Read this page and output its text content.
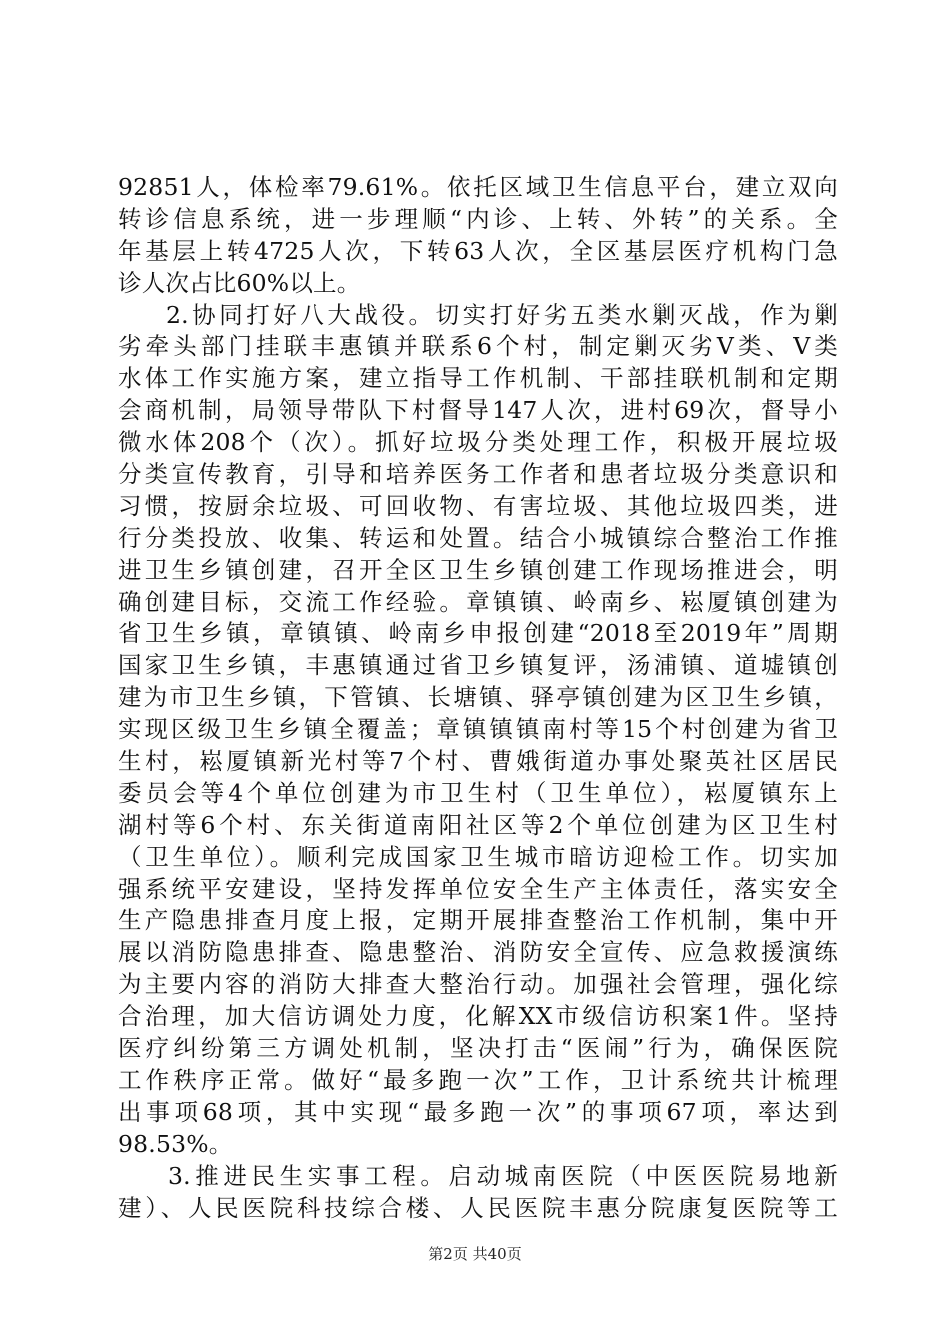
92851人，体检率79.61%。依托区域卫生信息平台，建立双向
转诊信息系统，进一步理顺“内诊、上转、外转”的关系。全
年基层上转4725人次，下转63人次，全区基层医疗机构门急
诊人次占比60%以上。
2.协同打好八大战役。切实打好劣五类水剿灭战，作为剿
劣牵头部门挂联丰惠镇并联系6个村，制定剿灭劣Ⅴ类、Ⅴ类
水体工作实施方案，建立指导工作机制、干部挂联机制和定期
会商机制，局领导带队下村督导147人次，进村69次，督导小
微水体208个（次）。抓好垃圾分类处理工作，积极开展垃圾
分类宣传教育，引导和培养医务工作者和患者垃圾分类意识和
习惯，按厨余垃圾、可回收物、有害垃圾、其他垃圾四类，进
行分类投放、收集、转运和处置。结合小城镇综合整治工作推
进卫生乡镇创建，召开全区卫生乡镇创建工作现场推进会，明
确创建目标，交流工作经验。章镇镇、岭南乡、崧厦镇创建为
省卫生乡镇，章镇镇、岭南乡申报创建“2018至2019年”周期
国家卫生乡镇，丰惠镇通过省卫乡镇复评，汤浦镇、道墟镇创
建为市卫生乡镇，下管镇、长塘镇、驿亭镇创建为区卫生乡镇，
实现区级卫生乡镇全覆盖；章镇镇镇南村等15个村创建为省卫
生村，崧厦镇新光村等7个村、曹娥街道办事处聚英社区居民
委员会等4个单位创建为市卫生村（卫生单位），崧厦镇东上
湖村等6个村、东关街道南阳社区等2个单位创建为区卫生村
（卫生单位）。顺利完成国家卫生城市暗访迎检工作。切实加
强系统平安建设，坚持发挥单位安全生产主体责任，落实安全
生产隐患排查月度上报，定期开展排查整治工作机制，集中开
展以消防隐患排查、隐患整治、消防安全宣传、应急救援演练
为主要内容的消防大排查大整治行动。加强社会管理，强化综
合治理，加大信访调处力度，化解XX市级信访积案1件。坚持
医疗纠纷第三方调处机制，坚决打击“医闹”行为，确保医院
工作秩序正常。做好“最多跑一次”工作，卫计系统共计梳理
出事项68项，其中实现“最多跑一次”的事项67项，率达到
98.53%。
3.推进民生实事工程。启动城南医院（中医医院易地新
建）、人民医院科技综合楼、人民医院丰惠分院康复医院等工
第2页 共40页
